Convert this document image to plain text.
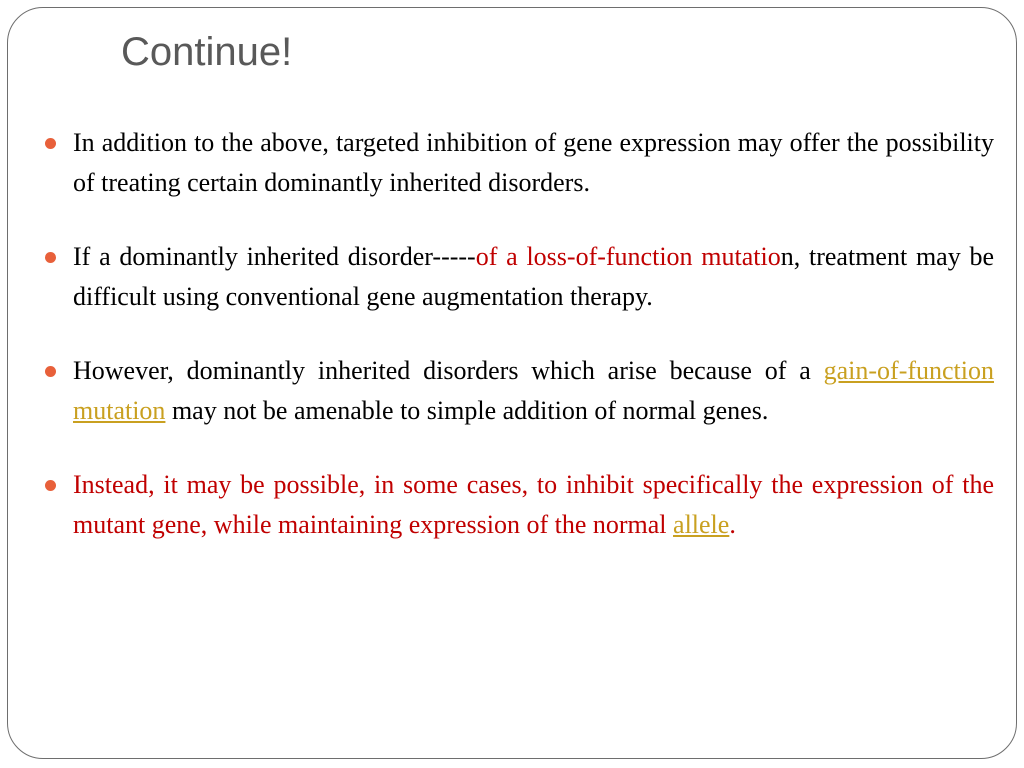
Continue!
In addition to the above, targeted inhibition of gene expression may offer the possibility of treating certain dominantly inherited disorders.
If a dominantly inherited disorder-----of a loss-of-function mutation, treatment may be difficult using conventional gene augmentation therapy.
However, dominantly inherited disorders which arise because of a gain-of-function mutation may not be amenable to simple addition of normal genes.
Instead, it may be possible, in some cases, to inhibit specifically the expression of the mutant gene, while maintaining expression of the normal allele.
